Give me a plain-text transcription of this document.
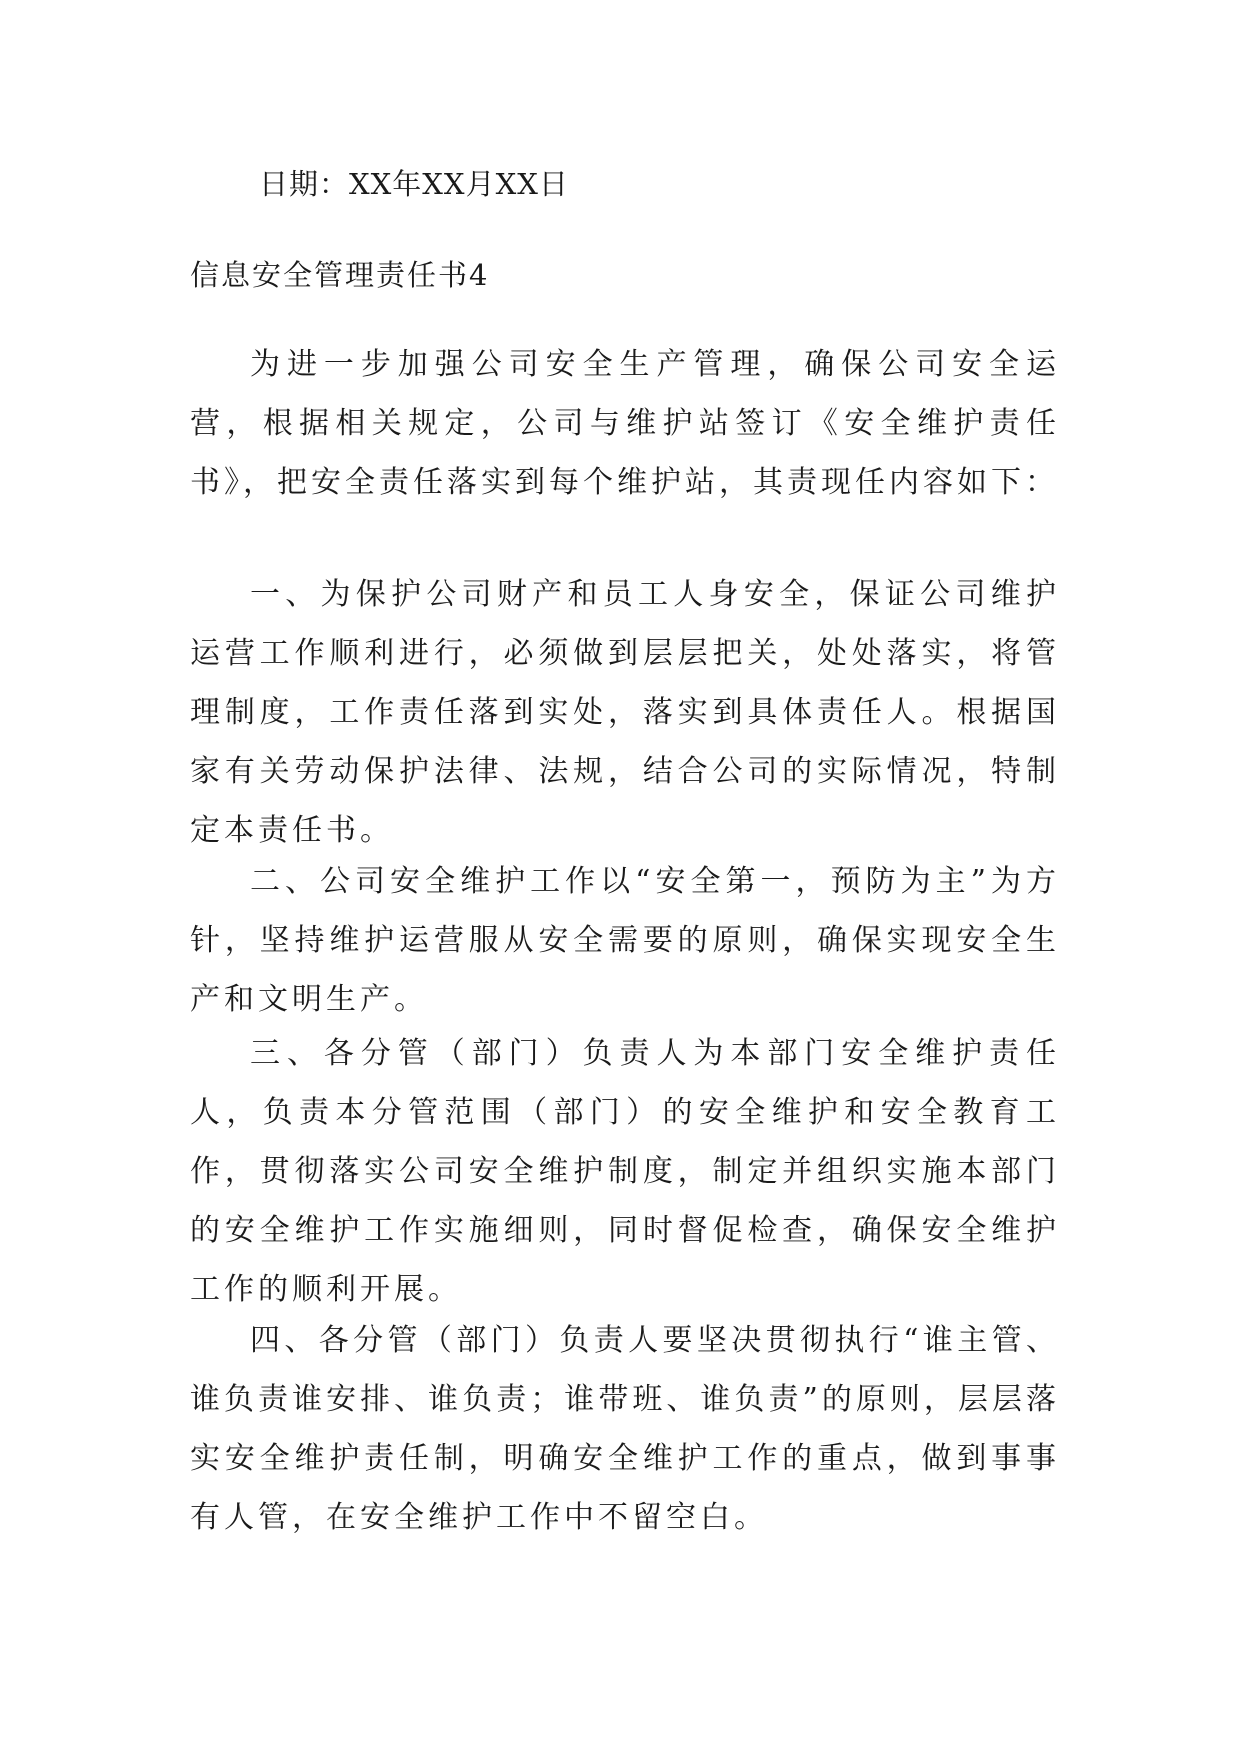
日期：XX年XX月XX日
信息安全管理责任书4

为进一步加强公司安全生产管理，确保公司安全运营，根据相关规定，公司与维护站签订《安全维护责任书》，把安全责任落实到每个维护站，其责现任内容如下：

一、为保护公司财产和员工人身安全，保证公司维护运营工作顺利进行，必须做到层层把关，处处落实，将管理制度，工作责任落到实处，落实到具体责任人。根据国家有关劳动保护法律、法规，结合公司的实际情况，特制定本责任书。

二、公司安全维护工作以“安全第一，预防为主”为方针，坚持维护运营服从安全需要的原则，确保实现安全生产和文明生产。

三、各分管（部门）负责人为本部门安全维护责任人，负责本分管范围（部门）的安全维护和安全教育工作，贯彻落实公司安全维护制度，制定并组织实施本部门的安全维护工作实施细则，同时督促检查，确保安全维护工作的顺利开展。

四、各分管（部门）负责人要坚决贯彻执行“谁主管、谁负责谁安排、谁负责；谁带班、谁负责”的原则，层层落实安全维护责任制，明确安全维护工作的重点，做到事事有人管，在安全维护工作中不留空白。
